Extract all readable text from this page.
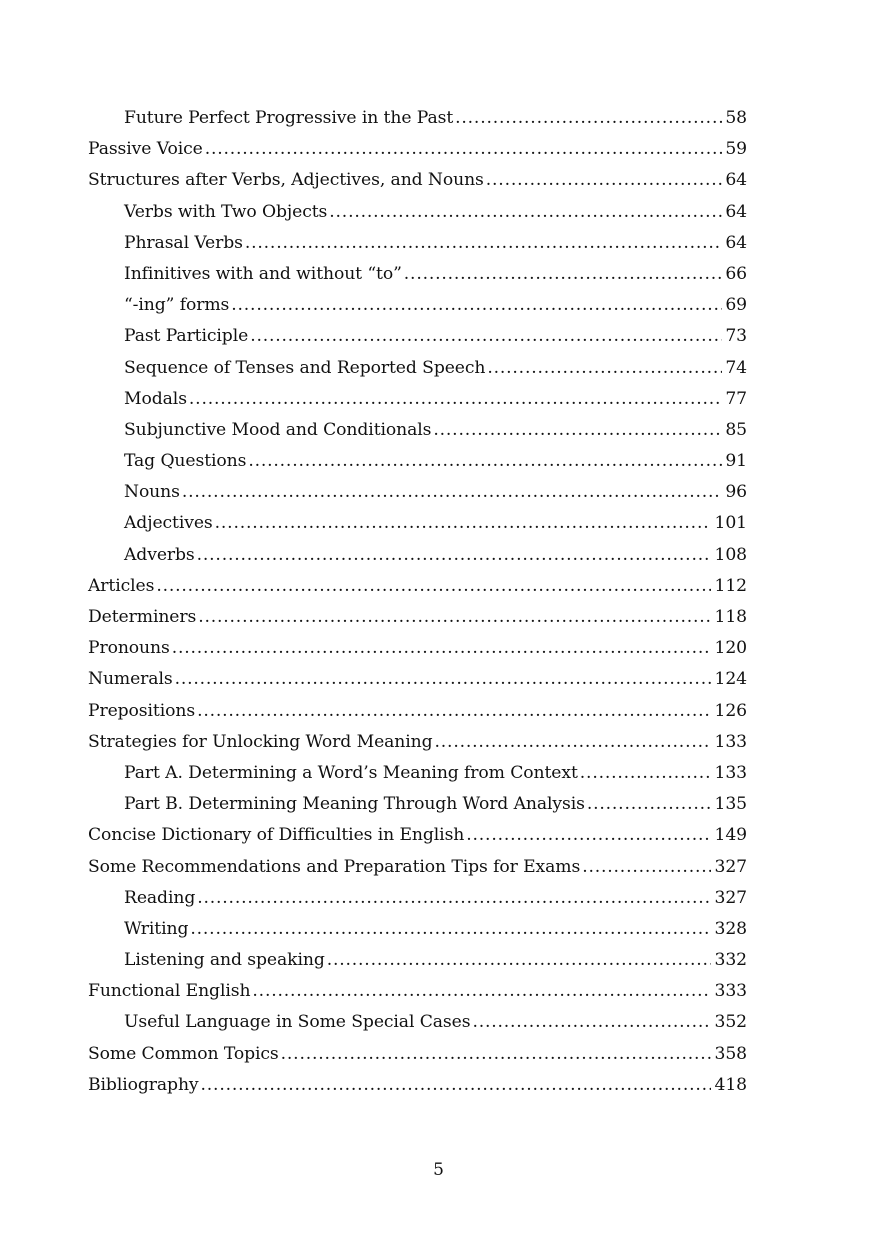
Future Perfect Progressive in the Past .....	58
Passive Voice .....	59
Structures after Verbs, Adjectives, and Nouns .....	64
Verbs with Two Objects .....	64
Phrasal Verbs .....	64
Infinitives with and without “to” .....	66
“-ing” forms .....	69
Past Participle .....	73
Sequence of Tenses and Reported Speech .....	74
Modals .....	77
Subjunctive Mood and Conditionals .....	85
Tag Questions .....	91
Nouns .....	96
Adjectives .....	101
Adverbs .....	108
Articles .....	112
Determiners .....	118
Pronouns .....	120
Numerals .....	124
Prepositions .....	126
Strategies for Unlocking Word Meaning .....	133
Part A. Determining a Word’s Meaning from Context .....	133
Part B. Determining Meaning Through Word Analysis .....	135
Concise Dictionary of Difficulties in English .....	149
Some Recommendations and Preparation Tips for Exams .....	327
Reading .....	327
Writing .....	328
Listening and speaking .....	332
Functional English .....	333
Useful Language in Some Special Cases .....	352
Some Common Topics .....	358
Bibliography .....	418
5
